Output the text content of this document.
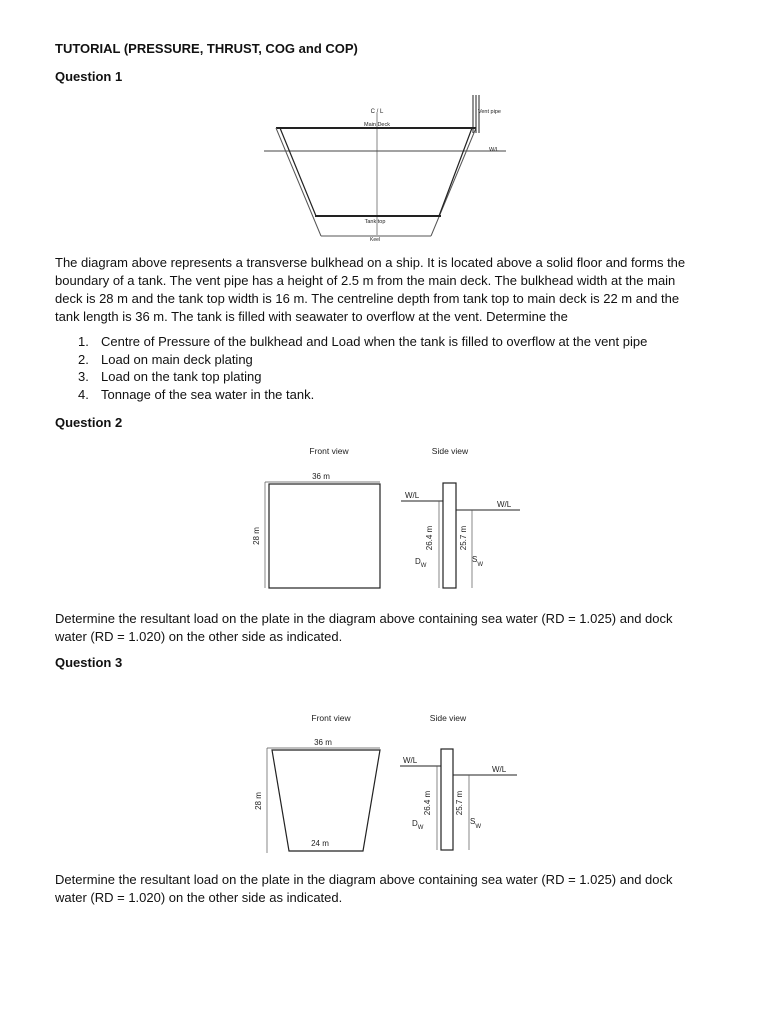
TUTORIAL (PRESSURE, THRUST, COG and COP)
Question 1
C / L
Main Deck
Vent pipe
W/L
Tank top
Keel
The diagram above represents a transverse bulkhead on a ship. It is located above a solid floor and forms the
boundary of a tank. The vent pipe has a height of 2.5 m from the main deck. The bulkhead width at the main
deck is 28 m and the tank top width is 16 m. The centreline depth from tank top to main deck is 22 m and the
tank length is 36 m. The tank is filled with seawater to overflow at the vent. Determine the
1. Centre of Pressure of the bulkhead and Load when the tank is filled to overflow at the vent pipe
2. Load on main deck plating
3. Load on the tank top plating
4. Tonnage of the sea water in the tank.
Question 2
Front view	Side view
36 m
28 m
W/L
W/L
26.4 m	25.7 m
$D_W$
$S_W$
Determine the resultant load on the plate in the diagram above containing sea water (RD = 1.025) and dock
water (RD = 1.020) on the other side as indicated.
Question 3
Front view	Side view
36 m
28 m
24 m
W/L
W/L
26.4 m	25.7 m
$D_W$
$S_W$
Determine the resultant load on the plate in the diagram above containing sea water (RD = 1.025) and dock
water (RD = 1.020) on the other side as indicated.
